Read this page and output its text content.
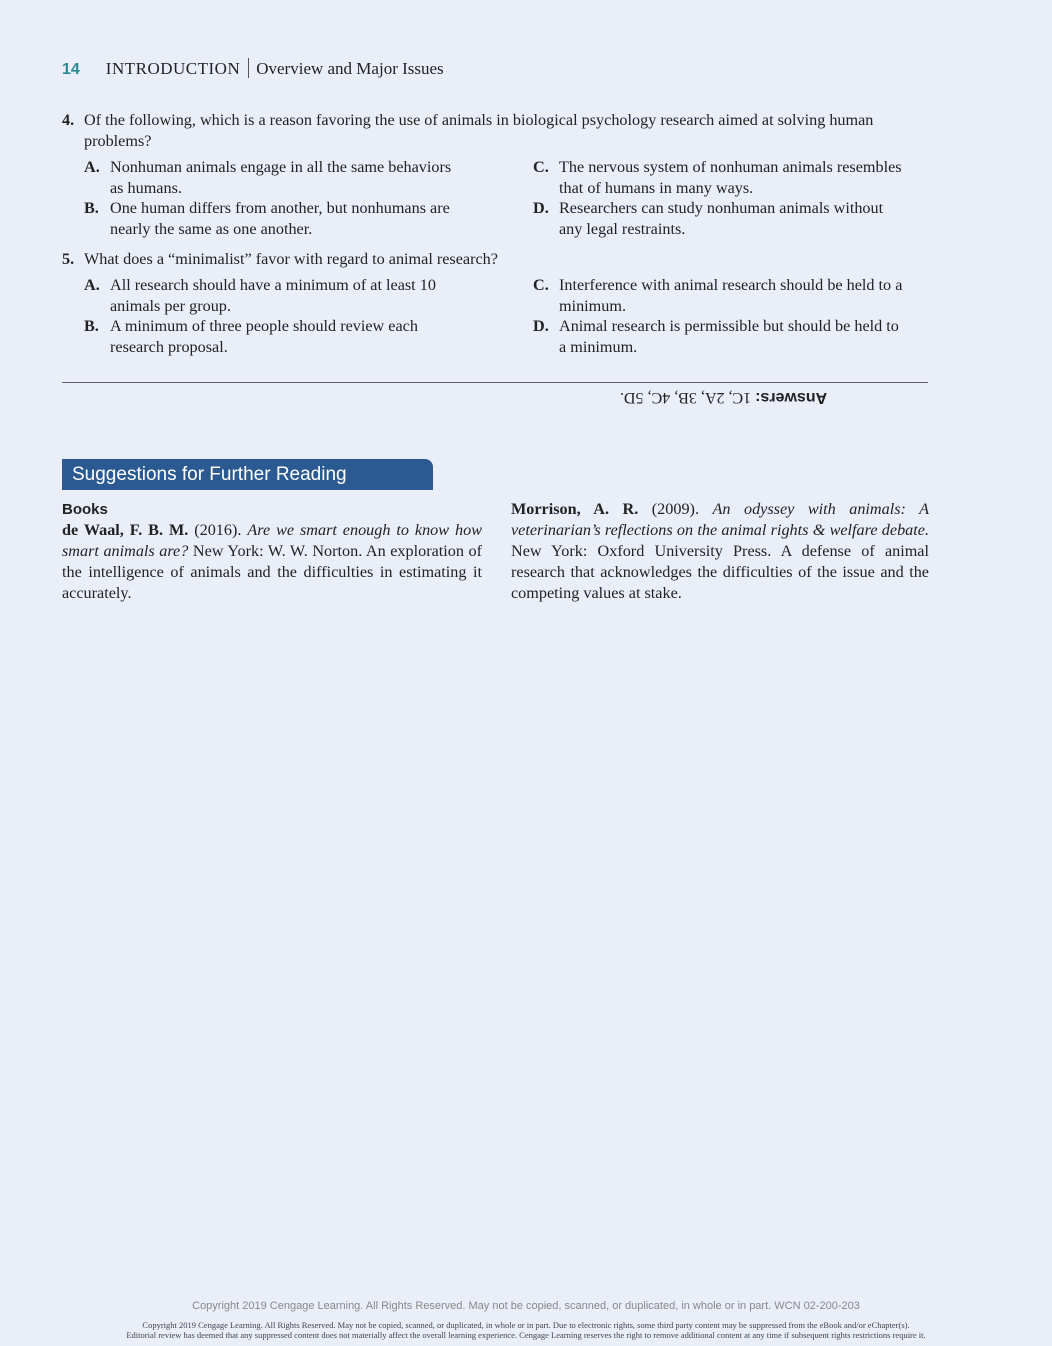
14 INTRODUCTION Overview and Major Issues
4. Of the following, which is a reason favoring the use of animals in biological psychology research aimed at solving human problems?
A. Nonhuman animals engage in all the same behaviors as humans.
B. One human differs from another, but nonhumans are nearly the same as one another.
C. The nervous system of nonhuman animals resembles that of humans in many ways.
D. Researchers can study nonhuman animals without any legal restraints.
5. What does a “minimalist” favor with regard to animal research?
A. All research should have a minimum of at least 10 animals per group.
B. A minimum of three people should review each research proposal.
C. Interference with animal research should be held to a minimum.
D. Animal research is permissible but should be held to a minimum.
Answers: 1C, 2A, 3B, 4C, 5D.
Suggestions for Further Reading
Books
de Waal, F. B. M. (2016). Are we smart enough to know how smart animals are? New York: W. W. Norton. An exploration of the intelligence of animals and the difficulties in estimating it accurately.
Morrison, A. R. (2009). An odyssey with animals: A veterinarian’s reflections on the animal rights & welfare debate. New York: Oxford University Press. A defense of animal research that acknowledges the difficulties of the issue and the competing values at stake.
Copyright 2019 Cengage Learning. All Rights Reserved. May not be copied, scanned, or duplicated, in whole or in part. WCN 02-200-203
Copyright 2019 Cengage Learning. All Rights Reserved. May not be copied, scanned, or duplicated, in whole or in part. Due to electronic rights, some third party content may be suppressed from the eBook and/or eChapter(s).
Editorial review has deemed that any suppressed content does not materially affect the overall learning experience. Cengage Learning reserves the right to remove additional content at any time if subsequent rights restrictions require it.
